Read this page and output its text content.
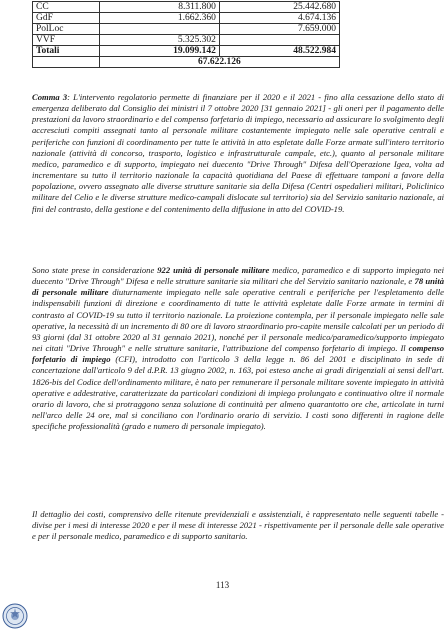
CC	8.311.800	25.442.680
GdF	1.662.360	4.674.136
PolLoc		7.659.000
VVF	5.325.302	
Totali	19.099.142	48.522.984
	67.622.126	

Comma 3: L'intervento regolatorio permette di finanziare per il 2020 e il 2021 - fino alla cessazione dello stato di emergenza deliberato dal Consiglio dei ministri il 7 ottobre 2020 [31 gennaio 2021] - gli oneri per il pagamento delle prestazioni da lavoro straordinario e del compenso forfetario di impiego, necessario ad assicurare lo svolgimento degli accresciuti compiti assegnati tanto al personale militare costantemente impiegato nelle sale operative centrali e periferiche con funzioni di coordinamento per tutte le attività in atto espletate dalle Forze armate sull'intero territorio nazionale (attività di concorso, trasporto, logistico e infrastrutturale campale, etc.), quanto al personale militare medico, paramedico e di supporto, impiegato nei duecento "Drive Through" Difesa dell'Operazione Igea, volta ad incrementare su tutto il territorio nazionale la capacità quotidiana del Paese di effettuare tamponi a favore della popolazione, ovvero assegnato alle diverse strutture sanitarie sia della Difesa (Centri ospedalieri militari, Policlinico militare del Celio e le diverse strutture medico-campali dislocate sul territorio) sia del Servizio sanitario nazionale, ai fini del contrasto, della gestione e del contenimento della diffusione in atto del COVID-19.

Sono state prese in considerazione 922 unità di personale militare medico, paramedico e di supporto impiegato nei duecento "Drive Through" Difesa e nelle strutture sanitarie sia militari che del Servizio sanitario nazionale, e 78 unità di personale militare diuturnamente impiegato nelle sale operative centrali e periferiche per l'espletamento delle indispensabili funzioni di direzione e coordinamento di tutte le attività espletate dalle Forze armate in termini di contrasto al COVID-19 su tutto il territorio nazionale. La proiezione contempla, per il personale impiegato nelle sale operative, la necessità di un incremento di 80 ore di lavoro straordinario pro-capite mensile calcolati per un periodo di 93 giorni (dal 31 ottobre 2020 al 31 gennaio 2021), nonché per il personale medico/paramedico/supporto impiegato nei citati "Drive Through" e nelle strutture sanitarie, l'attribuzione del compenso forfetario di impiego. Il compenso forfetario di impiego (CFI), introdotto con l'articolo 3 della legge n. 86 del 2001 e disciplinato in sede di concertazione dall'articolo 9 del d.P.R. 13 giugno 2002, n. 163, poi esteso anche ai gradi dirigenziali ai sensi dell'art. 1826-bis del Codice dell'ordinamento militare, è nato per remunerare il personale militare sovente impiegato in attività operative e addestrative, caratterizzate da particolari condizioni di impiego prolungato e continuativo oltre il normale orario di lavoro, che si protraggono senza soluzione di continuità per almeno quarantotto ore che, articolate in turni nell'arco delle 24 ore, mal si conciliano con l'ordinario orario di servizio. I costi sono differenti in ragione delle specifiche professionalità (grado e numero di personale impiegato).

Il dettaglio dei costi, comprensivo delle ritenute previdenziali e assistenziali, è rappresentato nelle seguenti tabelle - divise per i mesi di interesse 2020 e per il mese di interesse 2021 - rispettivamente per il personale delle sale operative e per il personale medico, paramedico e di supporto sanitario.

113
